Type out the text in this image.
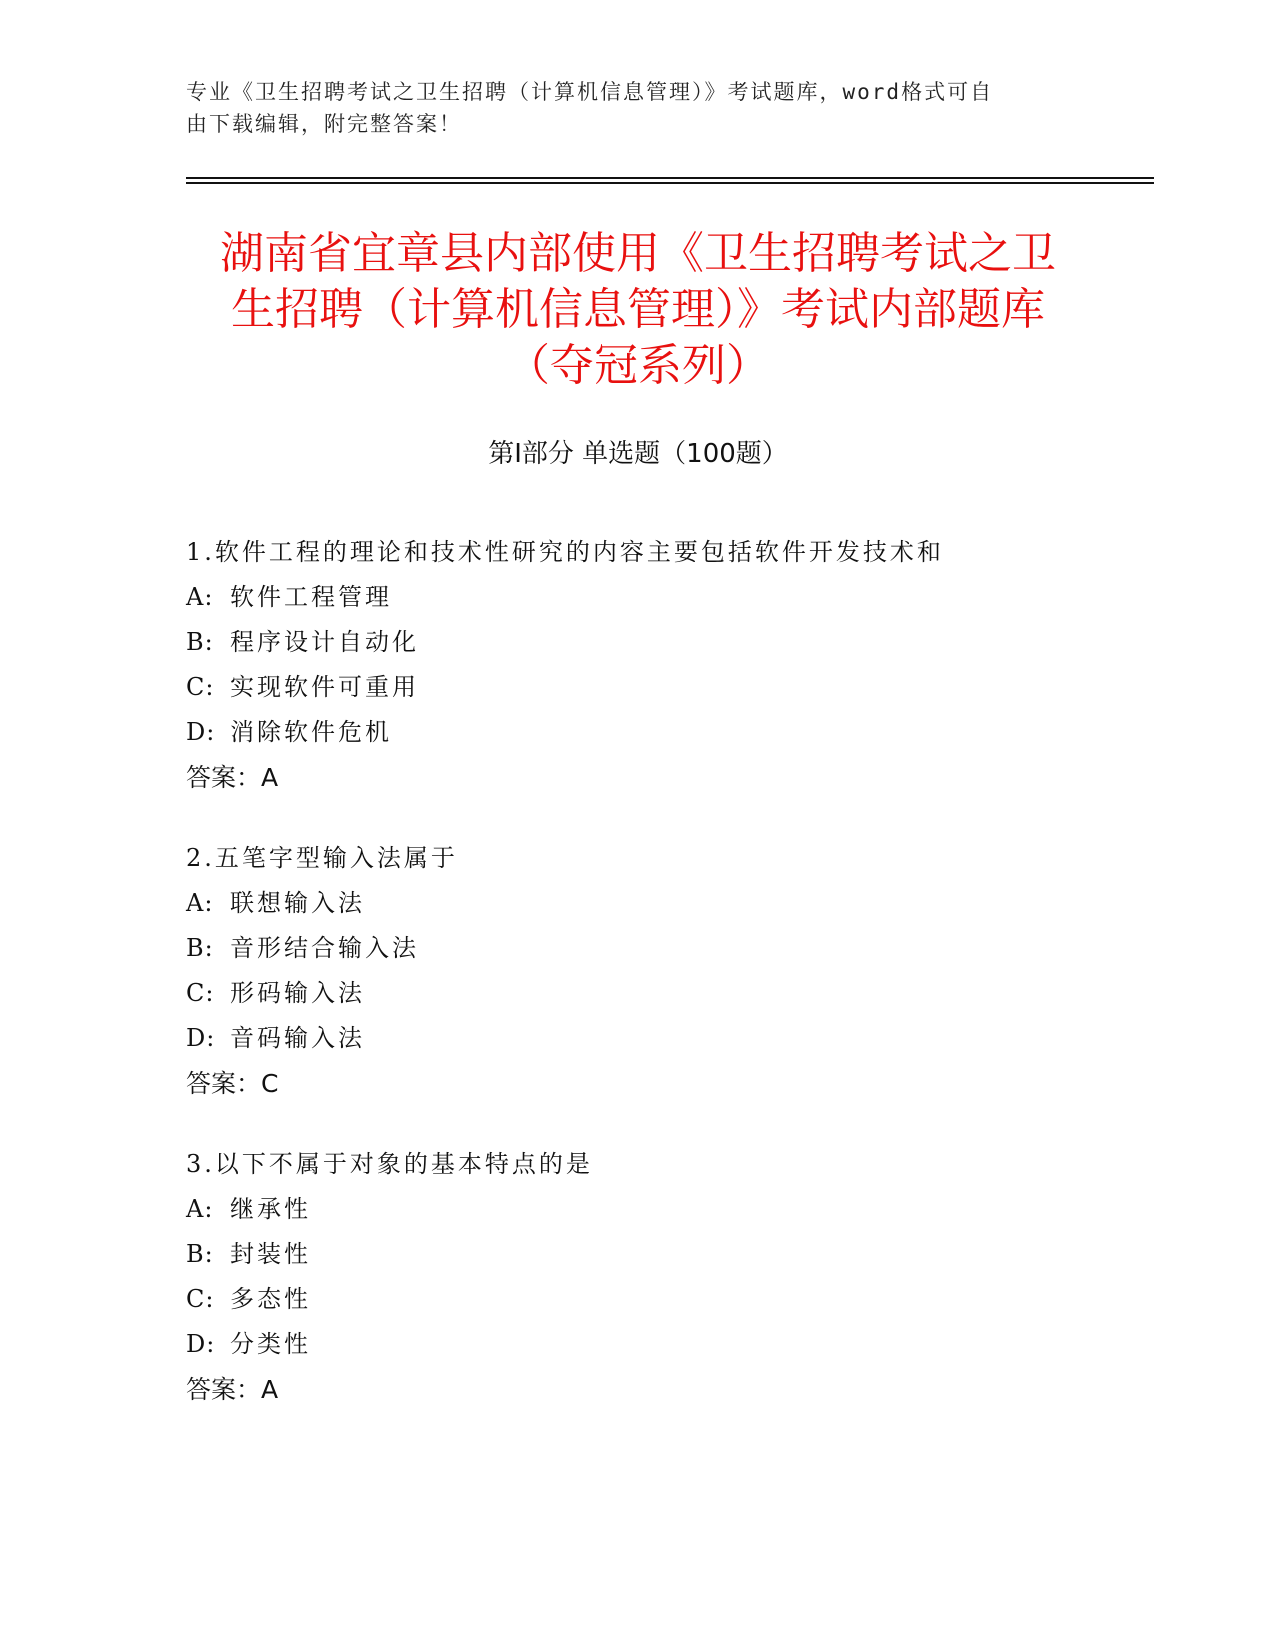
专业《卫生招聘考试之卫生招聘（计算机信息管理）》考试题库，word格式可自
由下载编辑，附完整答案！
湖南省宜章县内部使用《卫生招聘考试之卫
生招聘（计算机信息管理）》考试内部题库
（夺冠系列）
第Ⅰ部分 单选题（100题）
1.软件工程的理论和技术性研究的内容主要包括软件开发技术和
A: 软件工程管理
B: 程序设计自动化
C: 实现软件可重用
D: 消除软件危机
答案：A
2.五笔字型输入法属于
A: 联想输入法
B: 音形结合输入法
C: 形码输入法
D: 音码输入法
答案：C
3.以下不属于对象的基本特点的是
A: 继承性
B: 封装性
C: 多态性
D: 分类性
答案：A
